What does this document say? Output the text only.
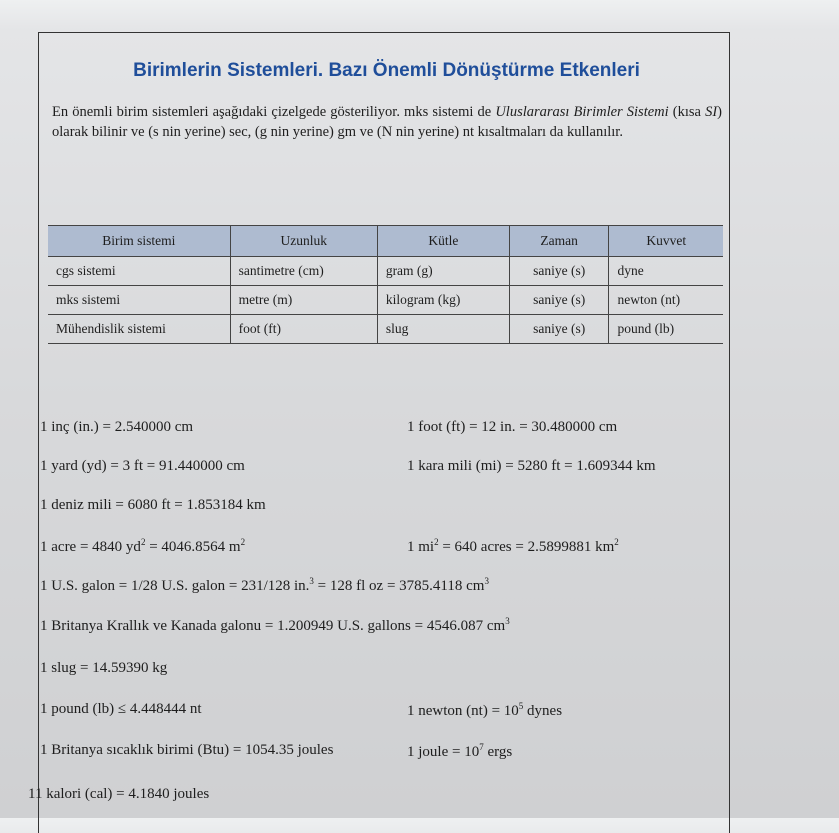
Birimlerin Sistemleri. Bazı Önemli Dönüştürme Etkenleri
En önemli birim sistemleri aşağıdaki çizelgede gösteriliyor. mks sistemi de Uluslararası Birimler Sistemi (kısa SI) olarak bilinir ve (s nin yerine) sec, (g nin yerine) gm ve (N nin yerine) nt kısaltmaları da kullanılır.
Birim sistemi	Uzunluk	Kütle	Zaman	Kuvvet
cgs sistemi	santimetre (cm)	gram (g)	saniye (s)	dyne
mks sistemi	metre (m)	kilogram (kg)	saniye (s)	newton (nt)
Mühendislik sistemi	foot (ft)	slug	saniye (s)	pound (lb)
1 inç (in.) = 2.540000 cm	1 foot (ft) = 12 in. = 30.480000 cm
1 yard (yd) = 3 ft = 91.440000 cm	1 kara mili (mi) = 5280 ft = 1.609344 km
1 deniz mili = 6080 ft = 1.853184 km
1 acre = 4840 $yd^2 = 4046.8564$ $m^2$	1 $mi^2 = 640$ acres = 2.5899881 $km^2$
1 U.S. galon = 1/28 U.S. galon = 231/128 in.$^3$ = 128 fl oz = 3785.4118 $cm^3$
1 Britanya Krallık ve Kanada galonu = 1.200949 U.S. gallons = 4546.087 $cm^3$
1 slug = 14.59390 kg
1 pound (lb) ≤ 4.448444 nt	1 newton $(nt) = 10^5$ dynes
1 Britanya sıcaklık birimi (Btu) = 1054.35 joules	1 joule = $10^7$ ergs
11 kalori (cal) = 4.1840 joules
